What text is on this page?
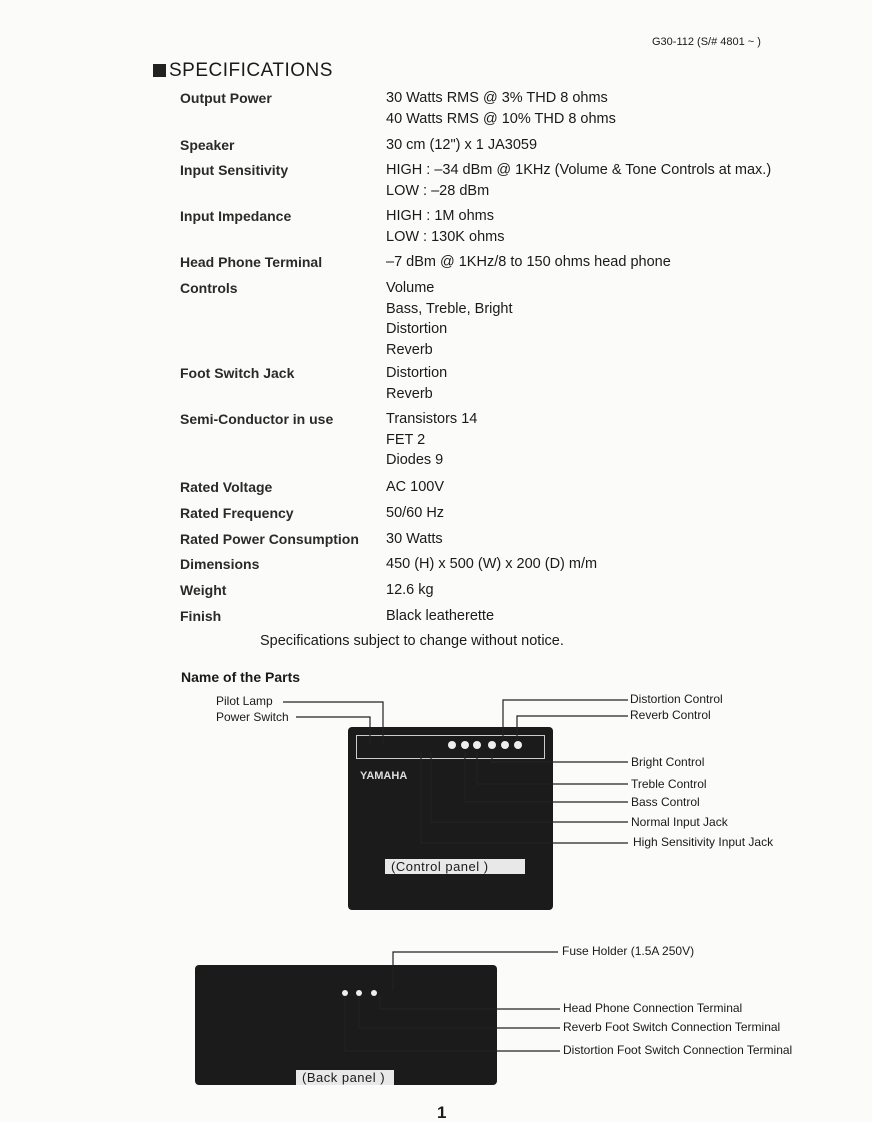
G30-112 (S/# 4801 ~ )
SPECIFICATIONS
Output Power	30 Watts RMS @ 3% THD 8 ohms
40 Watts RMS @ 10% THD 8 ohms
Speaker	30 cm (12") x 1 JA3059
Input Sensitivity	HIGH : –34 dBm @ 1KHz (Volume & Tone Controls at max.)
LOW : –28 dBm
Input Impedance	HIGH : 1M ohms
LOW : 130K ohms
Head Phone Terminal	–7 dBm @ 1KHz/8 to 150 ohms head phone
Controls	Volume
Bass, Treble, Bright
Distortion
Reverb
Foot Switch Jack	Distortion
Reverb
Semi-Conductor in use	Transistors 14
FET 2
Diodes 9
Rated Voltage	AC 100V
Rated Frequency	50/60 Hz
Rated Power Consumption 30 Watts
Dimensions	450 (H) x 500 (W) x 200 (D) m/m
Weight	12.6 kg
Finish	Black leatherette
Specifications subject to change without notice.
Name of the Parts
YAMAHA
(Control panel )
(Back panel )
Pilot Lamp
Power Switch
Distortion Control
Reverb Control
Bright Control
Treble Control
Bass Control
Normal Input Jack
High Sensitivity Input Jack
Fuse Holder (1.5A 250V)
Head Phone Connection Terminal
Reverb Foot Switch Connection Terminal
Distortion Foot Switch Connection Terminal
1
